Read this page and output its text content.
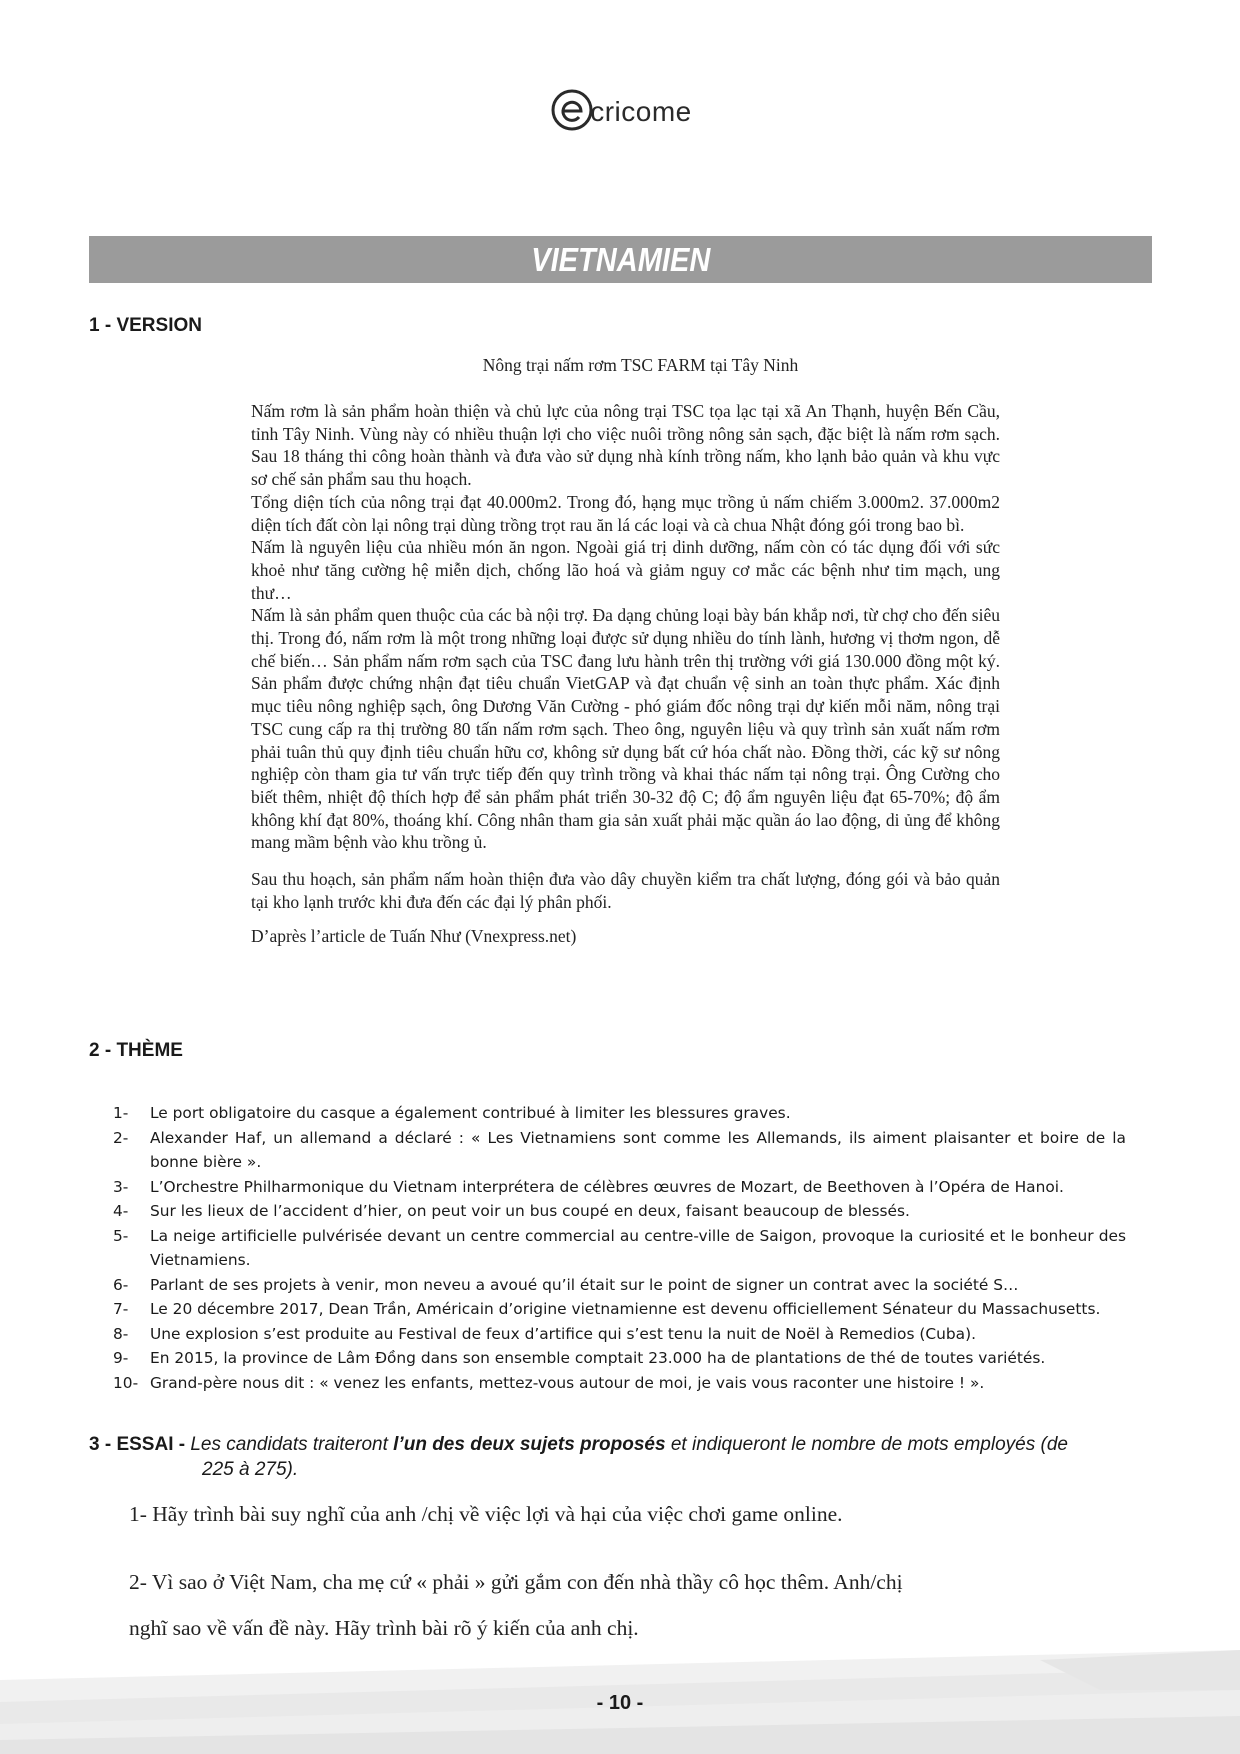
cricome
VIETNAMIEN
1 - VERSION
Nông trại nấm rơm TSC FARM tại Tây Ninh

Nấm rơm là sản phẩm hoàn thiện và chủ lực của nông trại TSC tọa lạc tại xã An Thạnh, huyện Bến Cầu, tỉnh Tây Ninh. Vùng này có nhiều thuận lợi cho việc nuôi trồng nông sản sạch, đặc biệt là nấm rơm sạch. Sau 18 tháng thi công hoàn thành và đưa vào sử dụng nhà kính trồng nấm, kho lạnh bảo quản và khu vực sơ chế sản phẩm sau thu hoạch.

Tổng diện tích của nông trại đạt 40.000m2. Trong đó, hạng mục trồng ủ nấm chiếm 3.000m2. 37.000m2 diện tích đất còn lại nông trại dùng trồng trọt rau ăn lá các loại và cà chua Nhật đóng gói trong bao bì.

Nấm là nguyên liệu của nhiều món ăn ngon. Ngoài giá trị dinh dưỡng, nấm còn có tác dụng đối với sức khoẻ như tăng cường hệ miễn dịch, chống lão hoá và giảm nguy cơ mắc các bệnh như tim mạch, ung thư…

Nấm là sản phẩm quen thuộc của các bà nội trợ. Đa dạng chủng loại bày bán khắp nơi, từ chợ cho đến siêu thị. Trong đó, nấm rơm là một trong những loại được sử dụng nhiều do tính lành, hương vị thơm ngon, dễ chế biến… Sản phẩm nấm rơm sạch của TSC đang lưu hành trên thị trường với giá 130.000 đồng một ký. Sản phẩm được chứng nhận đạt tiêu chuẩn VietGAP và đạt chuẩn vệ sinh an toàn thực phẩm. Xác định mục tiêu nông nghiệp sạch, ông Dương Văn Cường - phó giám đốc nông trại dự kiến mỗi năm, nông trại TSC cung cấp ra thị trường 80 tấn nấm rơm sạch. Theo ông, nguyên liệu và quy trình sản xuất nấm rơm phải tuân thủ quy định tiêu chuẩn hữu cơ, không sử dụng bất cứ hóa chất nào. Đồng thời, các kỹ sư nông nghiệp còn tham gia tư vấn trực tiếp đến quy trình trồng và khai thác nấm tại nông trại. Ông Cường cho biết thêm, nhiệt độ thích hợp để sản phẩm phát triển 30-32 độ C; độ ẩm nguyên liệu đạt 65-70%; độ ẩm không khí đạt 80%, thoáng khí. Công nhân tham gia sản xuất phải mặc quần áo lao động, di ủng để không mang mầm bệnh vào khu trồng ủ.

Sau thu hoạch, sản phẩm nấm hoàn thiện đưa vào dây chuyền kiểm tra chất lượng, đóng gói và bảo quản tại kho lạnh trước khi đưa đến các đại lý phân phối.

D’après l’article de Tuấn Như (Vnexpress.net)

2 - THÈME
1-	Le port obligatoire du casque a également contribué à limiter les blessures graves.
2-	Alexander Haf, un allemand a déclaré : « Les Vietnamiens sont comme les Allemands, ils aiment plaisanter et boire de la bonne bière ».
3-	L’Orchestre Philharmonique du Vietnam interprétera de célèbres œuvres de Mozart, de Beethoven à l’Opéra de Hanoi.
4-	Sur les lieux de l’accident d’hier, on peut voir un bus coupé en deux, faisant beaucoup de blessés.
5-	La neige artificielle pulvérisée devant un centre commercial au centre-ville de Saigon, provoque la curiosité et le bonheur des Vietnamiens.
6-	Parlant de ses projets à venir, mon neveu a avoué qu’il était sur le point de signer un contrat avec la société S…
7-	Le 20 décembre 2017, Dean Trần, Américain d’origine vietnamienne est devenu officiellement Sénateur du Massachusetts.
8-	Une explosion s’est produite au Festival de feux d’artifice qui s’est tenu la nuit de Noël à Remedios (Cuba).
9-	En 2015, la province de Lâm Đồng dans son ensemble comptait 23.000 ha de plantations de thé de toutes variétés.
10- Grand-père nous dit : « venez les enfants, mettez-vous autour de moi, je vais vous raconter une histoire ! ».
3 - ESSAI - Les candidats traiteront l’un des deux sujets proposés et indiqueront le nombre de mots employés (de
225 à 275).
1- Hãy trình bài suy nghĩ của anh /chị về việc lợi và hại của việc chơi game online.
2- Vì sao ở Việt Nam, cha mẹ cứ « phải » gửi gắm con đến nhà thầy cô học thêm. Anh/chị
nghĩ sao về vấn đề này. Hãy trình bài rõ ý kiến của anh chị.
- 10 -
